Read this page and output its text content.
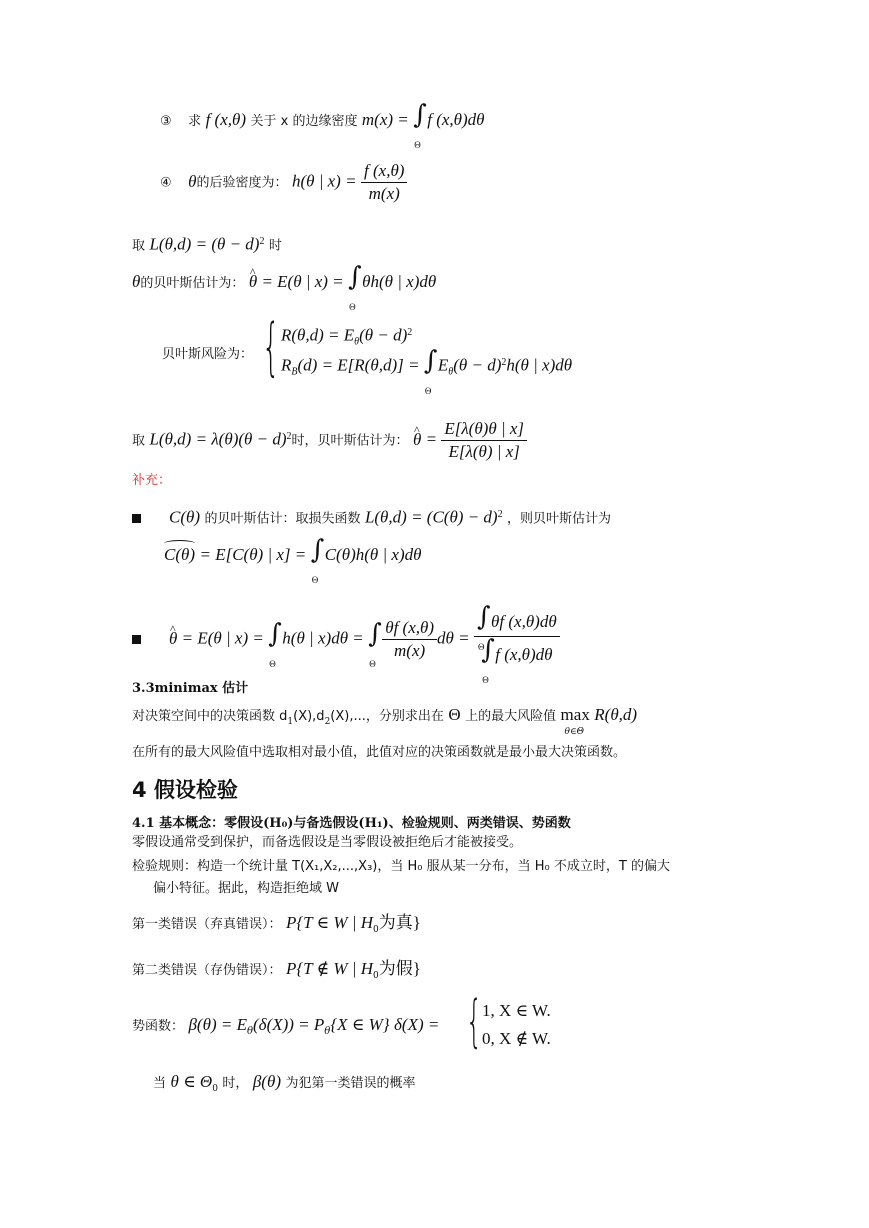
③ 求 f (x,θ) 关于 x 的边缘密度 m(x) =
∫ Θ
f (x,θ)dθ
④ θ的后验密度为： h(θ | $x) = \frac{f (x,\theta)}{m(x)}$
取 $L(\theta,d) = (\theta - d)^2$ 时
θ的贝叶斯估计为： ^ θ = E(θ | x) =
∫ Θ
θh(θ | x)dθ
贝叶斯风险为： { $R(\theta,d) = E_\theta(\theta - d)^2$
$R_B(d) = E[R(\theta,d)]$ =
∫ Θ
$E_\theta(\theta - d)^2h(\theta$ | x)dθ
取 $L(\theta,d) = \lambda(\theta)(\theta - d)^2$时，贝叶斯估计为： ^ $\theta = \frac{E[\lambda(\theta)\theta | x]}{E[\lambda(\theta) | x]}$
补充：
C(θ) 的贝叶斯估计：取损失函数 $L(\theta,d) = (C(\theta) - d)^2$ ，则贝叶斯估计为
C(θ) = E[C(θ) | x] =
∫ Θ
C(θ)h(θ | x)dθ
^ θ = E(θ | x) =
∫ Θ
h(θ | x)dθ =
∫ Θ
$\frac{\theta f (x,\theta)}{m(x)}$ dθ = ∫ Θ
θf (x,θ)dθ
∫ Θ
f (x,θ)dθ
3.3minimax 估计
对决策空间中的决策函数 $d_1(X),d_2(X)$,...，分别求出在 Θ 上的最大风险值 max
θ∈Θ
R(θ,d)
在所有的最大风险值中选取相对最小值，此值对应的决策函数就是最小最大决策函数。
4 假设检验
4.1 基本概念：零假设(H₀)与备选假设(H₁)、检验规则、两类错误、势函数
零假设通常受到保护，而备选假设是当零假设被拒绝后才能被接受。
检验规则：构造一个统计量 T(X₁,X₂,...,X₃)，当 H₀ 服从某一分布，当 H₀ 不成立时，T 的偏大
偏小特征。据此，构造拒绝域 W
第一类错误（弃真错误）： P{T ∈ W | $H_0$为真}
第二类错误（存伪错误）： P{T ∉ W | $H_0$为假}
势函数： $\beta(\theta) = E_\theta(\delta(X)) = P_\theta\{X$ ∈ W} δ(X) = { 1, X ∈ W.
0, X ∉ W.
当 θ ∈ $\Theta_0$ 时， β(θ) 为犯第一类错误的概率
